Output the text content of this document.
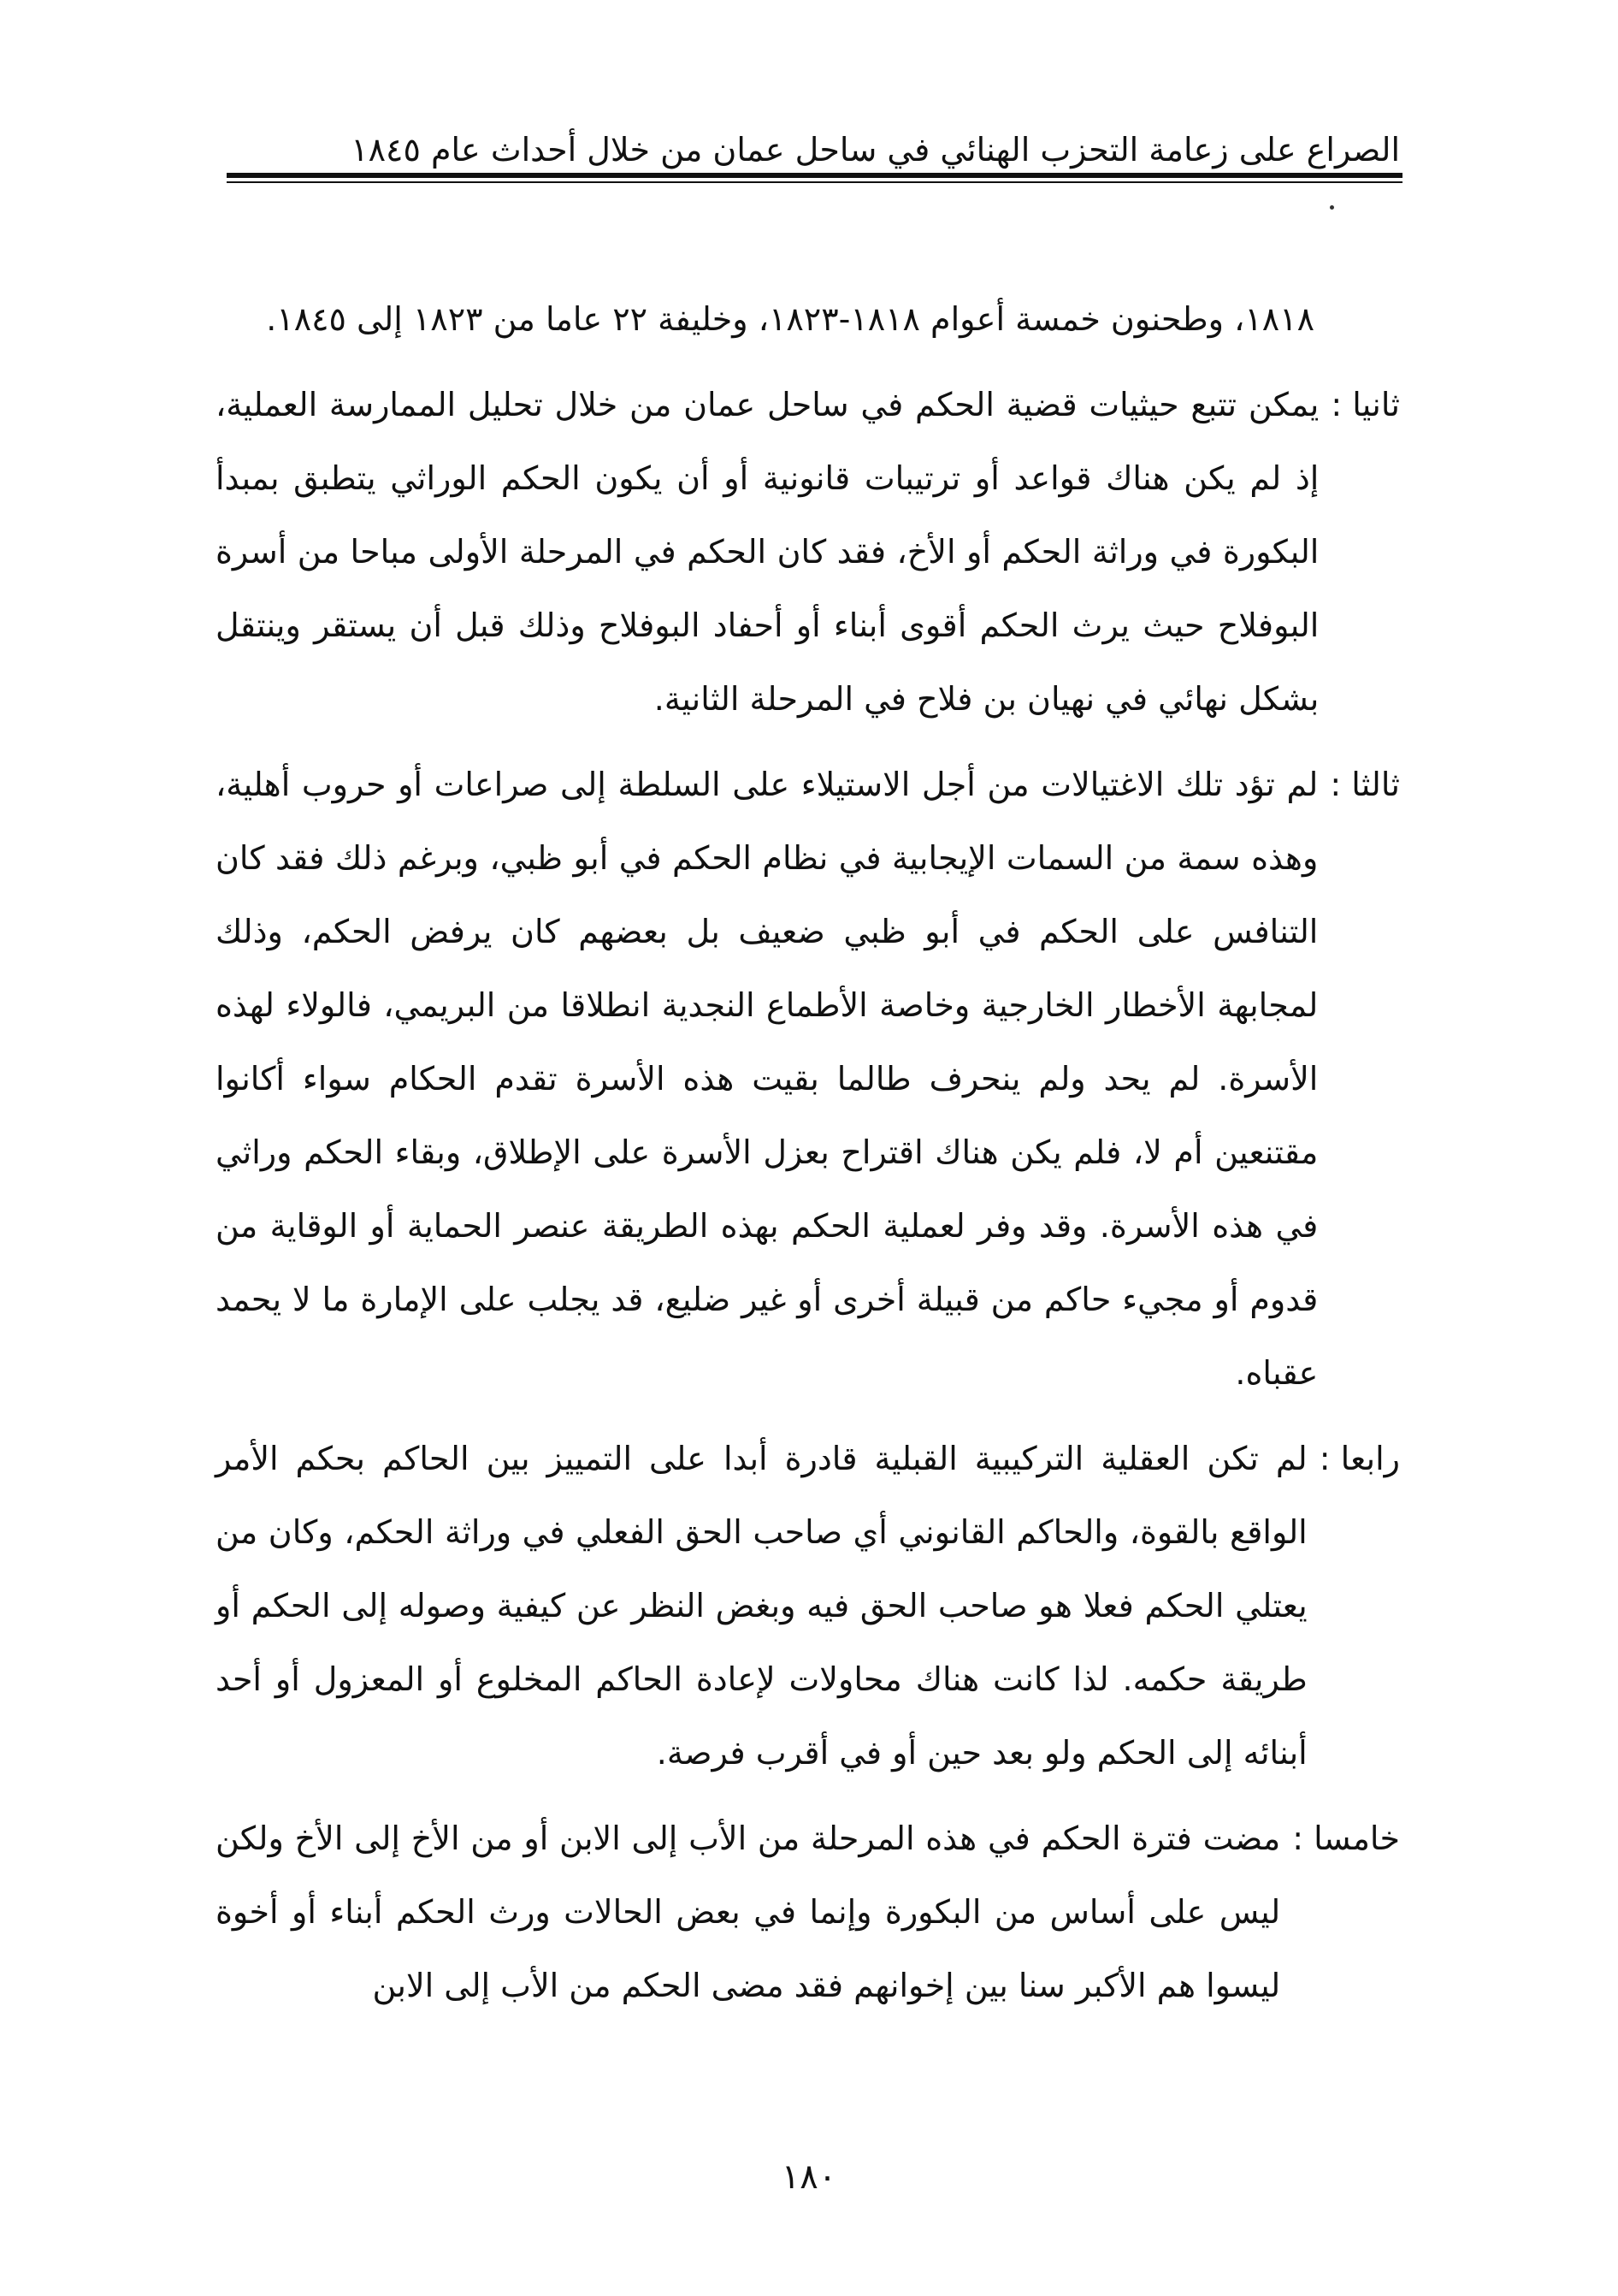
الصراع على زعامة التحزب الهنائي في ساحل عمان من خلال أحداث عام ١٨٤٥

١٨١٨، وطحنون خمسة أعوام ١٨١٨-١٨٢٣، وخليفة ٢٢ عاما من ١٨٢٣ إلى ١٨٤٥.

ثانيا :
يمكن تتبع حيثيات قضية الحكم في ساحل عمان من خلال تحليل الممارسة العملية، إذ لم يكن هناك قواعد أو ترتيبات قانونية أو أن يكون الحكم الوراثي يتطبق بمبدأ البكورة في وراثة الحكم أو الأخ، فقد كان الحكم في المرحلة الأولى مباحا من أسرة البوفلاح حيث يرث الحكم أقوى أبناء أو أحفاد البوفلاح وذلك قبل أن يستقر وينتقل بشكل نهائي في نهيان بن فلاح في المرحلة الثانية.
ثالثا :
لم تؤد تلك الاغتيالات من أجل الاستيلاء على السلطة إلى صراعات أو حروب أهلية، وهذه سمة من السمات الإيجابية في نظام الحكم في أبو ظبي، وبرغم ذلك فقد كان التنافس على الحكم في أبو ظبي ضعيف بل بعضهم كان يرفض الحكم، وذلك لمجابهة الأخطار الخارجية وخاصة الأطماع النجدية انطلاقا من البريمي، فالولاء لهذه الأسرة. لم يحد ولم ينحرف طالما بقيت هذه الأسرة تقدم الحكام سواء أكانوا مقتنعين أم لا، فلم يكن هناك اقتراح بعزل الأسرة على الإطلاق، وبقاء الحكم وراثي في هذه الأسرة. وقد وفر لعملية الحكم بهذه الطريقة عنصر الحماية أو الوقاية من قدوم أو مجيء حاكم من قبيلة أخرى أو غير ضليع، قد يجلب على الإمارة ما لا يحمد عقباه.
رابعا :
لم تكن العقلية التركيبية القبلية قادرة أبدا على التمييز بين الحاكم بحكم الأمر الواقع بالقوة، والحاكم القانوني أي صاحب الحق الفعلي في وراثة الحكم، وكان من يعتلي الحكم فعلا هو صاحب الحق فيه وبغض النظر عن كيفية وصوله إلى الحكم أو طريقة حكمه. لذا كانت هناك محاولات لإعادة الحاكم المخلوع أو المعزول أو أحد أبنائه إلى الحكم ولو بعد حين أو في أقرب فرصة.
خامسا :
مضت فترة الحكم في هذه المرحلة من الأب إلى الابن أو من الأخ إلى الأخ ولكن ليس على أساس من البكورة وإنما في بعض الحالات ورث الحكم أبناء أو أخوة ليسوا هم الأكبر سنا بين إخوانهم فقد مضى الحكم من الأب إلى الابن
١٨٠
